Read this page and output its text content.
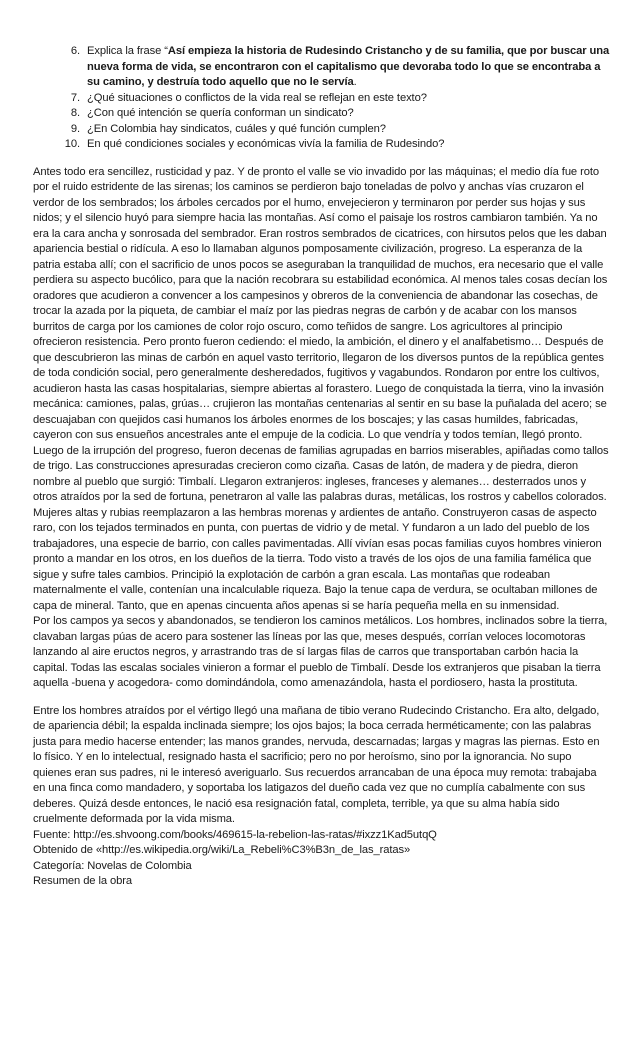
6. Explica la frase “Así empieza la historia de Rudesindo Cristancho y de su familia, que por buscar una nueva forma de vida, se encontraron con el capitalismo que devoraba todo lo que se encontraba a su camino, y destruía todo aquello que no le servía.
7. ¿Qué situaciones o conflictos de la vida real se reflejan en este texto?
8. ¿Con qué intención se quería conforman un sindicato?
9. ¿En Colombia hay sindicatos, cuáles y qué función cumplen?
10. En qué condiciones sociales y económicas vivía la familia de Rudesindo?

Antes todo era sencillez, rusticidad y paz. Y de pronto el valle se vio invadido por las máquinas; el medio día fue roto por el ruido estridente de las sirenas; los caminos se perdieron bajo toneladas de polvo y anchas vías cruzaron el verdor de los sembrados; los árboles cercados por el humo, envejecieron y terminaron por perder sus hojas y sus nidos; y el silencio huyó para siempre hacia las montañas. Así como el paisaje los rostros cambiaron también. Ya no era la cara ancha y sonrosada del sembrador. Eran rostros sembrados de cicatrices, con hirsutos pelos que les daban apariencia bestial o ridícula. A eso lo llamaban algunos pomposamente civilización, progreso. La esperanza de la patria estaba allí; con el sacrificio de unos pocos se aseguraban la tranquilidad de muchos, era necesario que el valle perdiera su aspecto bucólico, para que la nación recobrara su estabilidad económica. Al menos tales cosas decían los oradores que acudieron a convencer a los campesinos y obreros de la conveniencia de abandonar las cosechas, de trocar la azada por la piqueta, de cambiar el maíz por las piedras negras de carbón y de acabar con los mansos burritos de carga por los camiones de color rojo oscuro, como teñidos de sangre. Los agricultores al principio ofrecieron resistencia. Pero pronto fueron cediendo: el miedo, la ambición, el dinero y el analfabetismo… Después de que descubrieron las minas de carbón en aquel vasto territorio, llegaron de los diversos puntos de la república gentes de toda condición social, pero generalmente desheredados, fugitivos y vagabundos. Rondaron por entre los cultivos, acudieron hasta las casas hospitalarias, siempre abiertas al forastero. Luego de conquistada la tierra, vino la invasión mecánica: camiones, palas, grúas… crujieron las montañas centenarias al sentir en su base la puñalada del acero; se descuajaban con quejidos casi humanos los árboles enormes de los boscajes; y las casas humildes, fabricadas, cayeron con sus ensueños ancestrales ante el empuje de la codicia. Lo que vendría y todos temían, llegó pronto. Luego de la irrupción del progreso, fueron decenas de familias agrupadas en barrios miserables, apiñadas como tallos de trigo. Las construcciones apresuradas crecieron como cizaña. Casas de latón, de madera y de piedra, dieron nombre al pueblo que surgió: Timbalí. Llegaron extranjeros: ingleses, franceses y alemanes… desterrados unos y otros atraídos por la sed de fortuna, penetraron al valle las palabras duras, metálicas, los rostros y cabellos colorados. Mujeres altas y rubias reemplazaron a las hembras morenas y ardientes de antaño. Construyeron casas de aspecto raro, con los tejados terminados en punta, con puertas de vidrio y de metal. Y fundaron a un lado del pueblo de los trabajadores, una especie de barrio, con calles pavimentadas. Allí vivían esas pocas familias cuyos hombres vinieron pronto a mandar en los otros, en los dueños de la tierra. Todo visto a través de los ojos de una familia famélica que sigue y sufre tales cambios. Principió la explotación de carbón a gran escala. Las montañas que rodeaban maternalmente el valle, contenían una incalculable riqueza. Bajo la tenue capa de verdura, se ocultaban millones de capa de mineral. Tanto, que en apenas cincuenta años apenas si se haría pequeña mella en su inmensidad.

Por los campos ya secos y abandonados, se tendieron los caminos metálicos. Los hombres, inclinados sobre la tierra, clavaban largas púas de acero para sostener las líneas por las que, meses después, corrían veloces locomotoras lanzando al aire eructos negros, y arrastrando tras de sí largas filas de carros que transportaban carbón hacia la capital. Todas las escalas sociales vinieron a formar el pueblo de Timbalí. Desde los extranjeros que pisaban la tierra aquella -buena y acogedora- como domindándola, como amenazándola, hasta el pordiosero, hasta la prostituta.

Entre los hombres atraídos por el vértigo llegó una mañana de tibio verano Rudecindo Cristancho. Era alto, delgado, de apariencia débil; la espalda inclinada siempre; los ojos bajos; la boca cerrada herméticamente; con las palabras justa para medio hacerse entender; las manos grandes, nervuda, descarnadas; largas y magras las piernas. Esto en lo físico. Y en lo intelectual, resignado hasta el sacrificio; pero no por heroísmo, sino por la ignorancia. No supo quienes eran sus padres, ni le interesó averiguarlo. Sus recuerdos arrancaban de una época muy remota: trabajaba en una finca como mandadero, y soportaba los latigazos del dueño cada vez que no cumplía cabalmente con sus deberes. Quizá desde entonces, le nació esa resignación fatal, completa, terrible, ya que su alma había sido cruelmente deformada por la vida misma.

Fuente: http://es.shvoong.com/books/469615-la-rebelion-las-ratas/#ixzz1Kad5utqQ
Obtenido de «http://es.wikipedia.org/wiki/La_Rebeli%C3%B3n_de_las_ratas»
Categoría: Novelas de Colombia
Resumen de la obra
